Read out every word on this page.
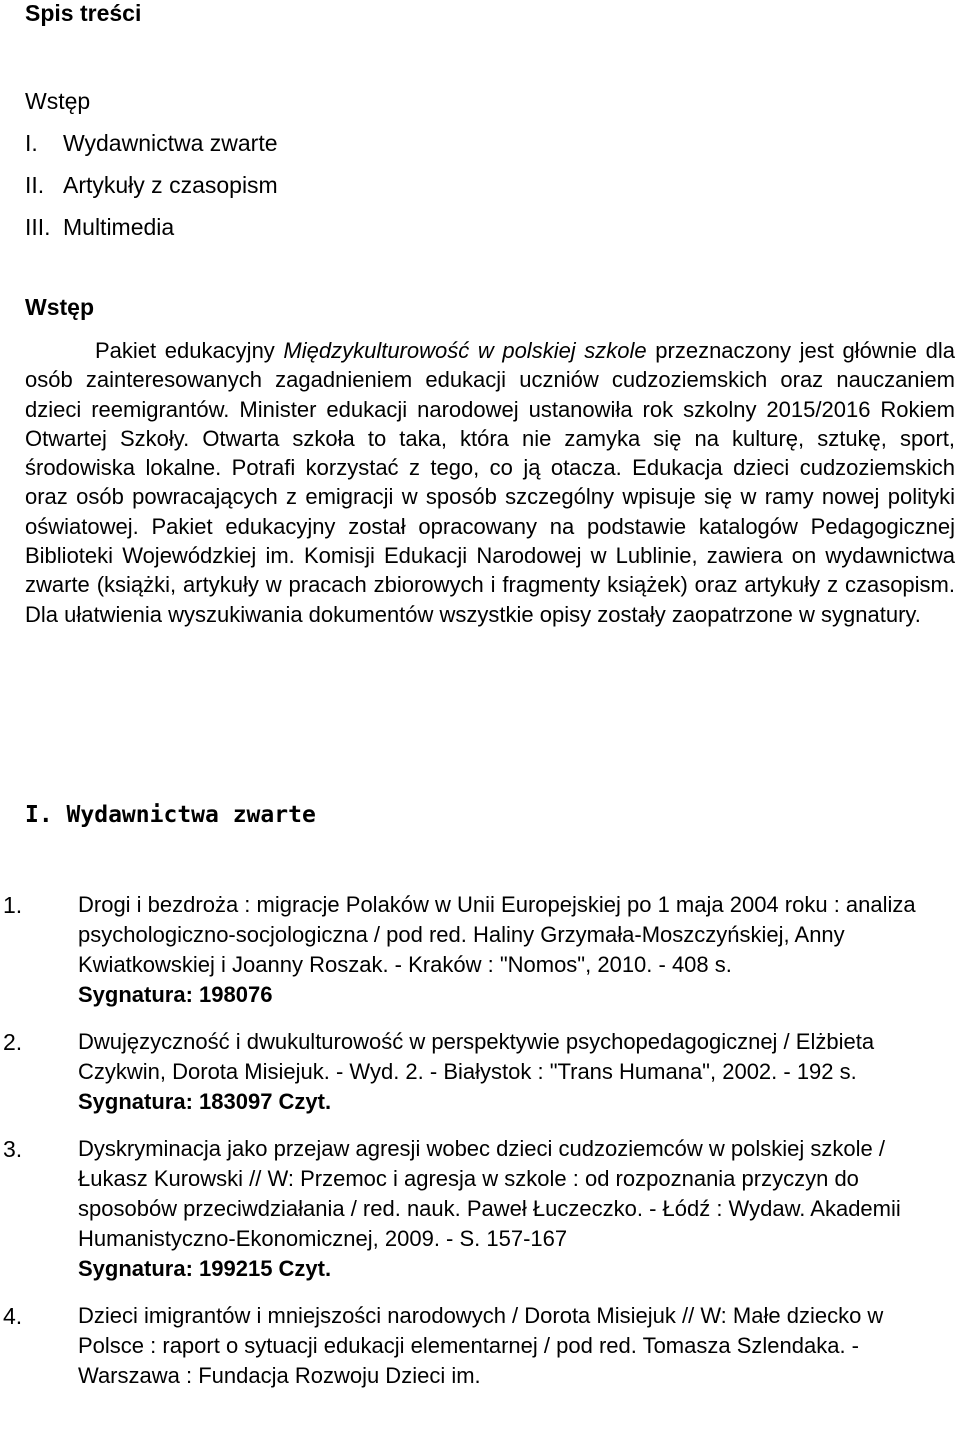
Spis treści
Wstęp
I. Wydawnictwa zwarte
II. Artykuły z czasopism
III. Multimedia
Wstęp

Pakiet edukacyjny Międzykulturowość w polskiej szkole przeznaczony jest głównie dla osób zainteresowanych zagadnieniem edukacji uczniów cudzoziemskich oraz nauczaniem dzieci reemigrantów. Minister edukacji narodowej ustanowiła rok szkolny 2015/2016 Rokiem Otwartej Szkoły. Otwarta szkoła to taka, która nie zamyka się na kulturę, sztukę, sport, środowiska lokalne. Potrafi korzystać z tego, co ją otacza. Edukacja dzieci cudzoziemskich oraz osób powracających z emigracji w sposób szczególny wpisuje się w ramy nowej polityki oświatowej. Pakiet edukacyjny został opracowany na podstawie katalogów Pedagogicznej Biblioteki Wojewódzkiej im. Komisji Edukacji Narodowej w Lublinie, zawiera on wydawnictwa zwarte (książki, artykuły w pracach zbiorowych i fragmenty książek) oraz artykuły z czasopism. Dla ułatwienia wyszukiwania dokumentów wszystkie opisy zostały zaopatrzone w sygnatury.

I. Wydawnictwa zwarte
1.	Drogi i bezdroża : migracje Polaków w Unii Europejskiej po 1 maja 2004 roku : analiza psychologiczno-socjologiczna / pod red. Haliny Grzymała-Moszczyńskiej, Anny Kwiatkowskiej i Joanny Roszak. - Kraków : "Nomos", 2010. - 408 s.
Sygnatura: 198076
2.	Dwujęzyczność i dwukulturowość w perspektywie psychopedagogicznej / Elżbieta Czykwin, Dorota Misiejuk. - Wyd. 2. - Białystok : "Trans Humana", 2002. - 192 s.
Sygnatura: 183097 Czyt.
3.	Dyskryminacja jako przejaw agresji wobec dzieci cudzoziemców w polskiej szkole / Łukasz Kurowski // W: Przemoc i agresja w szkole : od rozpoznania przyczyn do sposobów przeciwdziałania / red. nauk. Paweł Łuczeczko. - Łódź : Wydaw. Akademii Humanistyczno-Ekonomicznej, 2009. - S. 157-167
Sygnatura: 199215 Czyt.
4.	Dzieci imigrantów i mniejszości narodowych / Dorota Misiejuk // W: Małe dziecko w Polsce : raport o sytuacji edukacji elementarnej / pod red. Tomasza Szlendaka. - Warszawa : Fundacja Rozwoju Dzieci im.
